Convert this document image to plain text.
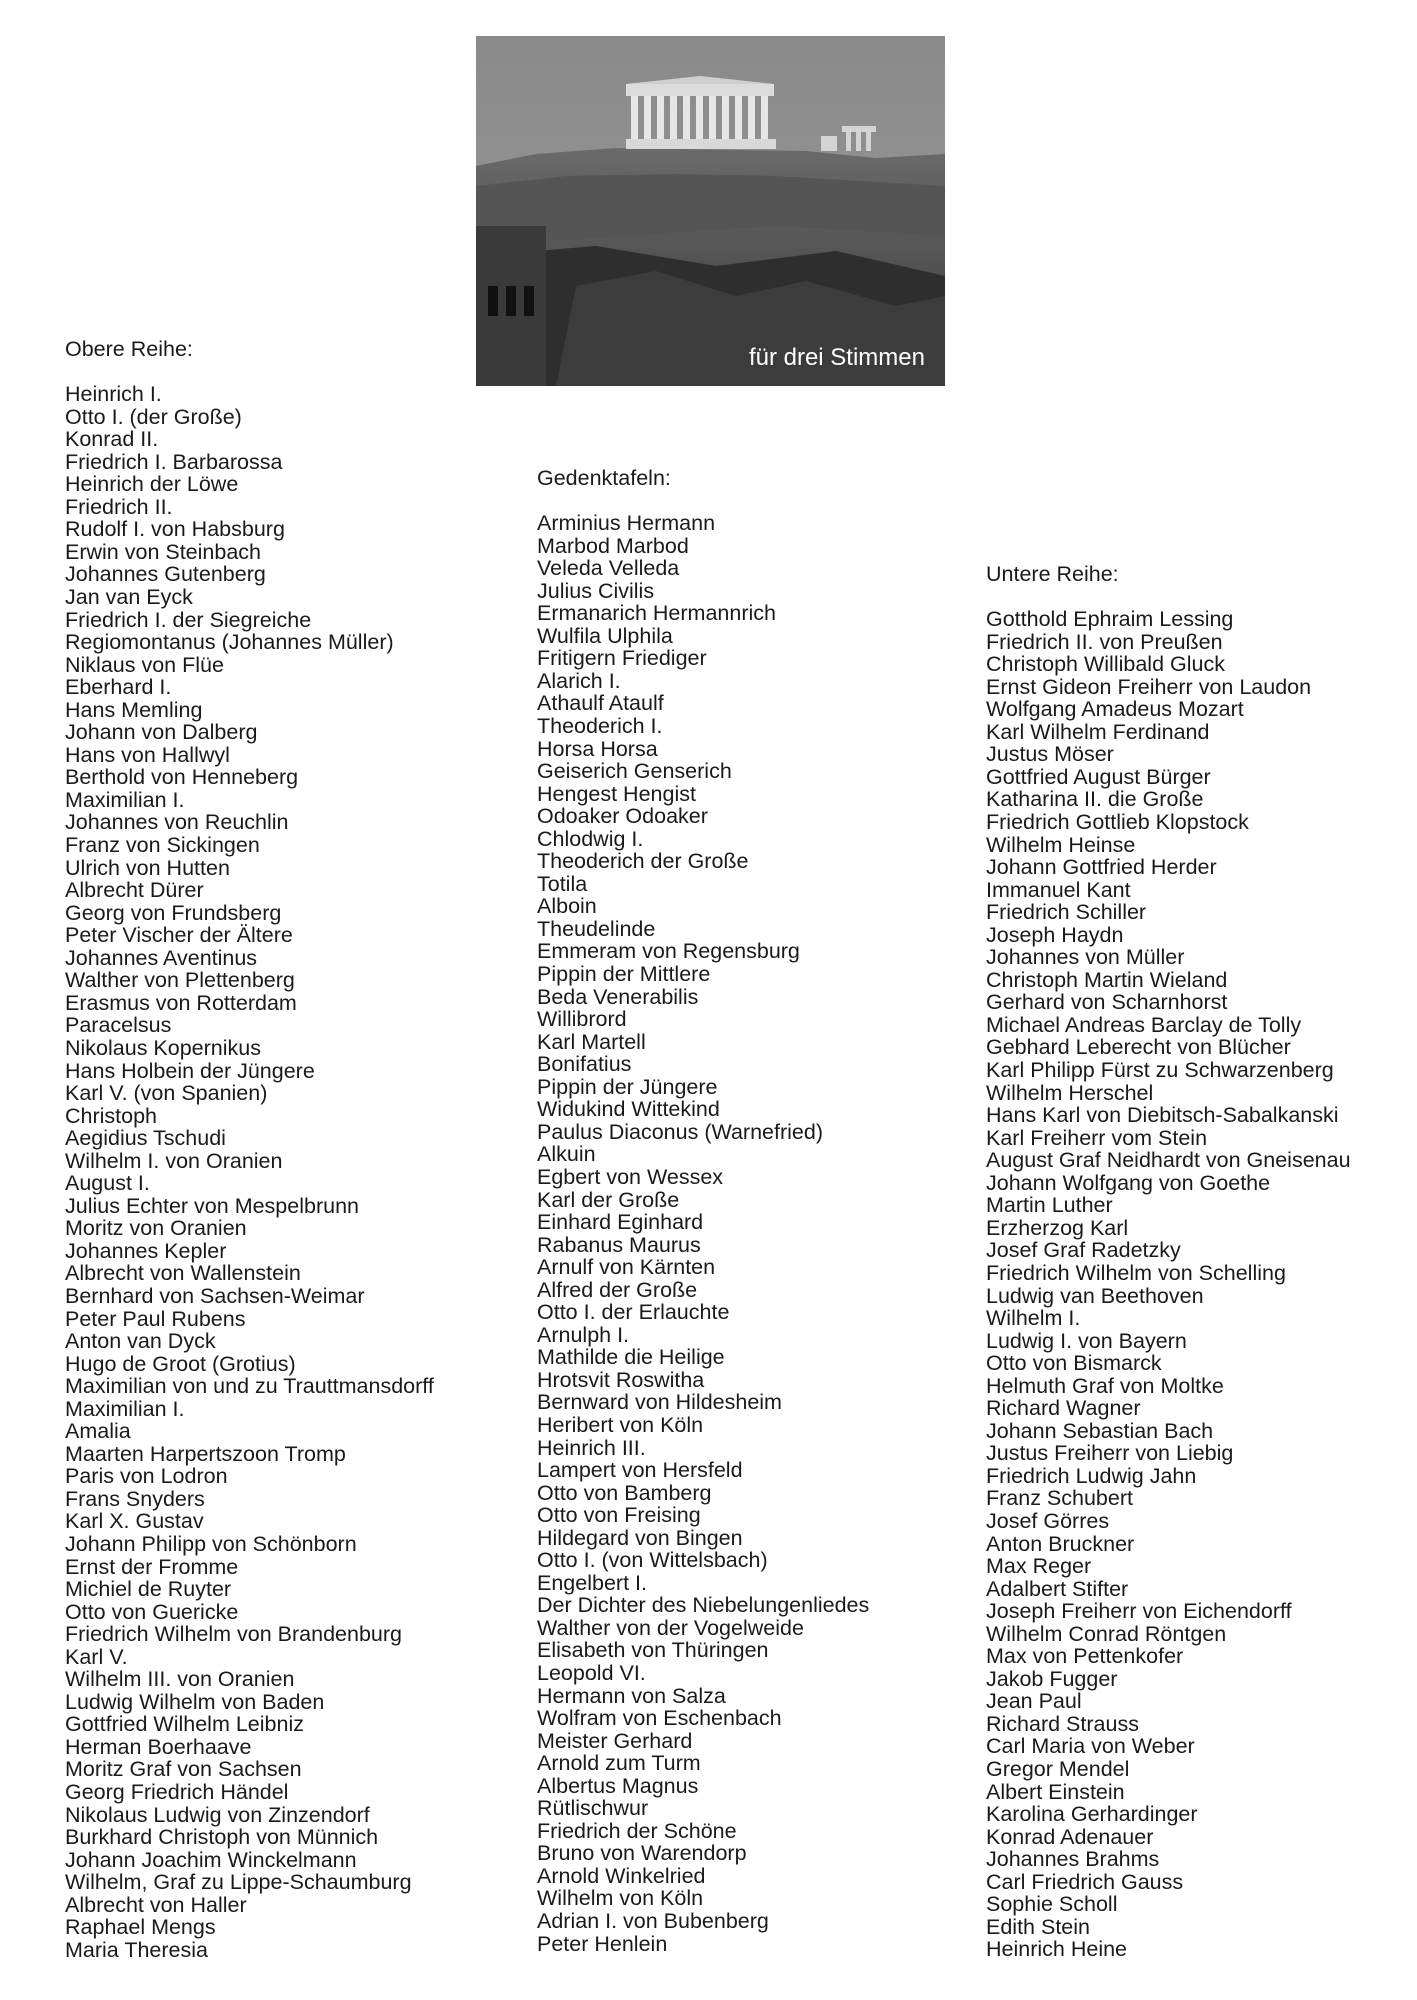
für drei Stimmen
Obere Reihe:
Heinrich I.
Otto I. (der Große)
Konrad II.
Friedrich I. Barbarossa
Heinrich der Löwe
Friedrich II.
Rudolf I. von Habsburg
Erwin von Steinbach
Johannes Gutenberg
Jan van Eyck
Friedrich I. der Siegreiche
Regiomontanus (Johannes Müller)
Niklaus von Flüe
Eberhard I.
Hans Memling
Johann von Dalberg
Hans von Hallwyl
Berthold von Henneberg
Maximilian I.
Johannes von Reuchlin
Franz von Sickingen
Ulrich von Hutten
Albrecht Dürer
Georg von Frundsberg
Peter Vischer der Ältere
Johannes Aventinus
Walther von Plettenberg
Erasmus von Rotterdam
Paracelsus
Nikolaus Kopernikus
Hans Holbein der Jüngere
Karl V. (von Spanien)
Christoph
Aegidius Tschudi
Wilhelm I. von Oranien
August I.
Julius Echter von Mespelbrunn
Moritz von Oranien
Johannes Kepler
Albrecht von Wallenstein
Bernhard von Sachsen-Weimar
Peter Paul Rubens
Anton van Dyck
Hugo de Groot (Grotius)
Maximilian von und zu Trauttmansdorff
Maximilian I.
Amalia
Maarten Harpertszoon Tromp
Paris von Lodron
Frans Snyders
Karl X. Gustav
Johann Philipp von Schönborn
Ernst der Fromme
Michiel de Ruyter
Otto von Guericke
Friedrich Wilhelm von Brandenburg
Karl V.
Wilhelm III. von Oranien
Ludwig Wilhelm von Baden
Gottfried Wilhelm Leibniz
Herman Boerhaave
Moritz Graf von Sachsen
Georg Friedrich Händel
Nikolaus Ludwig von Zinzendorf
Burkhard Christoph von Münnich
Johann Joachim Winckelmann
Wilhelm, Graf zu Lippe-Schaumburg
Albrecht von Haller
Raphael Mengs
Maria Theresia
Gedenktafeln:
Arminius Hermann
Marbod Marbod
Veleda Velleda
Julius Civilis
Ermanarich Hermannrich
Wulfila Ulphila
Fritigern Friediger
Alarich I.
Athaulf Ataulf
Theoderich I.
Horsa Horsa
Geiserich Genserich
Hengest Hengist
Odoaker Odoaker
Chlodwig I.
Theoderich der Große
Totila
Alboin
Theudelinde
Emmeram von Regensburg
Pippin der Mittlere
Beda Venerabilis
Willibrord
Karl Martell
Bonifatius
Pippin der Jüngere
Widukind Wittekind
Paulus Diaconus (Warnefried)
Alkuin
Egbert von Wessex
Karl der Große
Einhard Eginhard
Rabanus Maurus
Arnulf von Kärnten
Alfred der Große
Otto I. der Erlauchte
Arnulph I.
Mathilde die Heilige
Hrotsvit Roswitha
Bernward von Hildesheim
Heribert von Köln
Heinrich III.
Lampert von Hersfeld
Otto von Bamberg
Otto von Freising
Hildegard von Bingen
Otto I. (von Wittelsbach)
Engelbert I.
Der Dichter des Niebelungenliedes
Walther von der Vogelweide
Elisabeth von Thüringen
Leopold VI.
Hermann von Salza
Wolfram von Eschenbach
Meister Gerhard
Arnold zum Turm
Albertus Magnus
Rütlischwur
Friedrich der Schöne
Bruno von Warendorp
Arnold Winkelried
Wilhelm von Köln
Adrian I. von Bubenberg
Peter Henlein
Untere Reihe:
Gotthold Ephraim Lessing
Friedrich II. von Preußen
Christoph Willibald Gluck
Ernst Gideon Freiherr von Laudon
Wolfgang Amadeus Mozart
Karl Wilhelm Ferdinand
Justus Möser
Gottfried August Bürger
Katharina II. die Große
Friedrich Gottlieb Klopstock
Wilhelm Heinse
Johann Gottfried Herder
Immanuel Kant
Friedrich Schiller
Joseph Haydn
Johannes von Müller
Christoph Martin Wieland
Gerhard von Scharnhorst
Michael Andreas Barclay de Tolly
Gebhard Leberecht von Blücher
Karl Philipp Fürst zu Schwarzenberg
Wilhelm Herschel
Hans Karl von Diebitsch-Sabalkanski
Karl Freiherr vom Stein
August Graf Neidhardt von Gneisenau
Johann Wolfgang von Goethe
Martin Luther
Erzherzog Karl
Josef Graf Radetzky
Friedrich Wilhelm von Schelling
Ludwig van Beethoven
Wilhelm I.
Ludwig I. von Bayern
Otto von Bismarck
Helmuth Graf von Moltke
Richard Wagner
Johann Sebastian Bach
Justus Freiherr von Liebig
Friedrich Ludwig Jahn
Franz Schubert
Josef Görres
Anton Bruckner
Max Reger
Adalbert Stifter
Joseph Freiherr von Eichendorff
Wilhelm Conrad Röntgen
Max von Pettenkofer
Jakob Fugger
Jean Paul
Richard Strauss
Carl Maria von Weber
Gregor Mendel
Albert Einstein
Karolina Gerhardinger
Konrad Adenauer
Johannes Brahms
Carl Friedrich Gauss
Sophie Scholl
Edith Stein
Heinrich Heine
